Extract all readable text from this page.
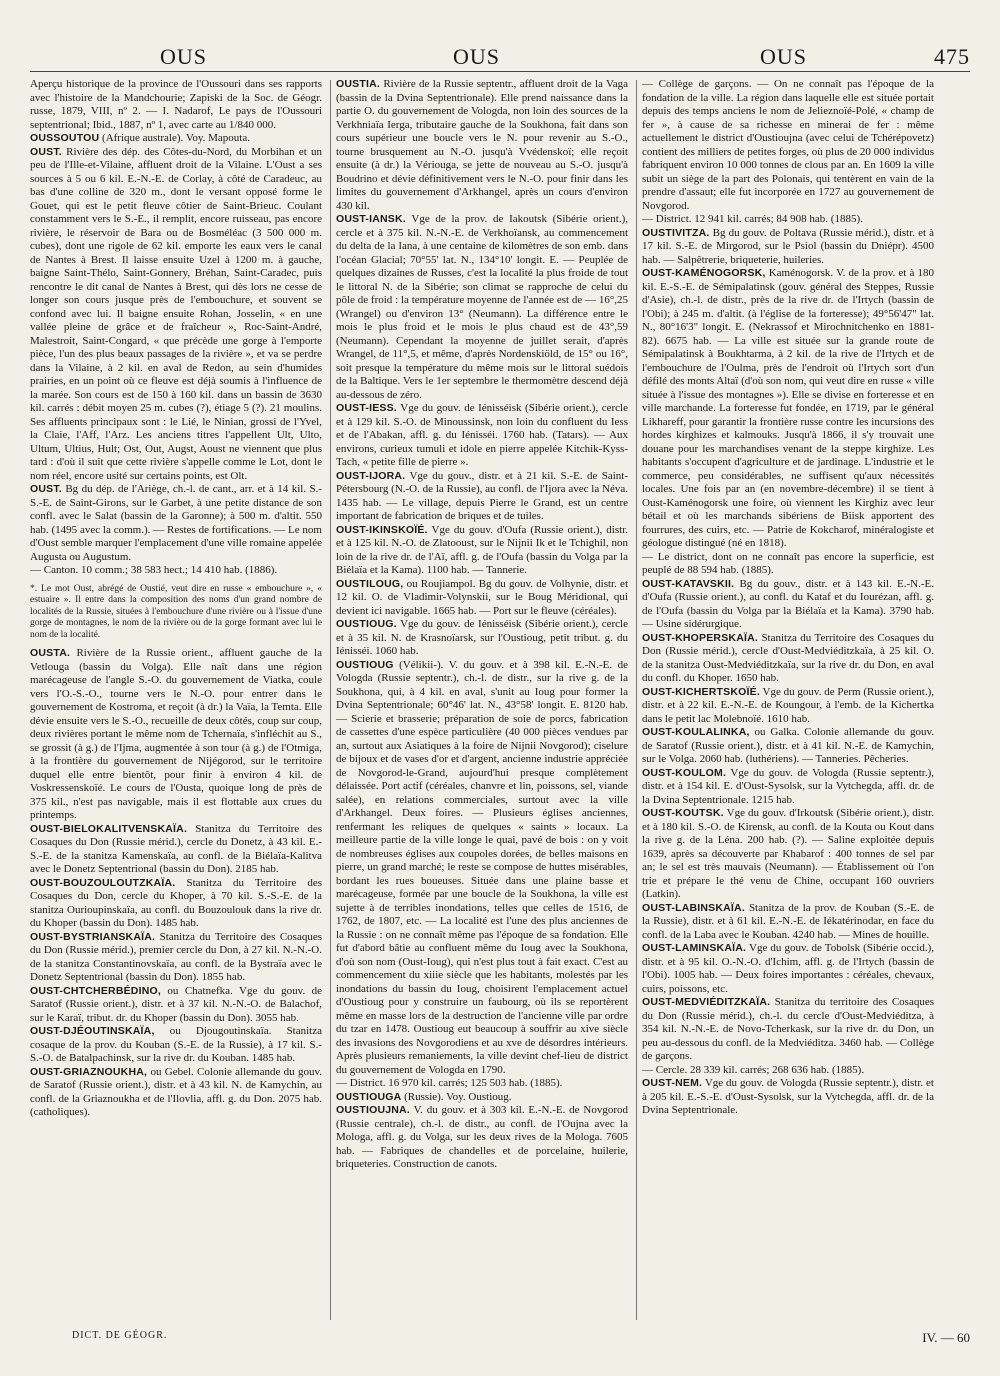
OUS	OUS	OUS	475

Aperçu historique de la province de l'Oussouri dans ses rapports avec l'histoire de la Mandchourie; Zapiski de la Soc. de Géogr. russe, 1879, VIII, nº 2. — I. Nadarof, Le pays de l'Oussouri septentrional; Ibid., 1887, nº 1, avec carte au 1/840 000.

OUSSOUTOU (Afrique australe). Voy. Mapouta.

OUST. Rivière des dép. des Côtes-du-Nord, du Morbihan et un peu de l'Ille-et-Vilaine, affluent droit de la Vilaine. L'Oust a ses sources à 5 ou 6 kil. E.-N.-E. de Corlay, à côté de Caradeuc, au bas d'une colline de 320 m., dont le versant opposé forme le Gouet, qui est le petit fleuve côtier de Saint-Brieuc. Coulant constamment vers le S.-E., il remplit, encore ruisseau, pas encore rivière, le réservoir de Bara ou de Bosméléac (3 500 000 m. cubes), dont une rigole de 62 kil. emporte les eaux vers le canal de Nantes à Brest. Il laisse ensuite Uzel à 1200 m. à gauche, baigne Saint-Thélo, Saint-Gonnery, Bréhan, Saint-Caradec, puis rencontre le dit canal de Nantes à Brest, qui dès lors ne cesse de longer son cours jusque près de l'embouchure, et souvent se confond avec lui. Il baigne ensuite Rohan, Josselin, « en une vallée pleine de grâce et de fraîcheur », Roc-Saint-André, Malestroit, Saint-Congard, « que précède une gorge à l'emporte pièce, l'un des plus beaux passages de la rivière », et va se perdre dans la Vilaine, à 2 kil. en aval de Redon, au sein d'humides prairies, en un point où ce fleuve est déjà soumis à l'influence de la marée. Son cours est de 150 à 160 kil. dans un bassin de 3630 kil. carrés : débit moyen 25 m. cubes (?), étiage 5 (?). 21 moulins. Ses affluents principaux sont : le Lié, le Ninian, grossi de l'Yvel, la Claie, l'Aff, l'Arz. Les anciens titres l'appellent Ult, Ulto, Ultum, Ultius, Hult; Ost, Out, Augst, Aoust ne viennent que plus tard : d'où il suit que cette rivière s'appelle comme le Lot, dont le nom réel, encore usité sur certains points, est Olt.

OUST. Bg du dép. de l'Ariège, ch.-l. de cant., arr. et à 14 kil. S.-S.-E. de Saint-Girons, sur le Garbet, à une petite distance de son confl. avec le Salat (bassin de la Garonne); à 500 m. d'altit. 550 hab. (1495 avec la comm.). — Restes de fortifications. — Le nom d'Oust semble marquer l'emplacement d'une ville romaine appelée Augusta ou Augustum.

— Canton. 10 comm.; 38 583 hect.; 14 410 hab. (1886).

*. Le mot Oust, abrégé de Oustié, veut dire en russe « embouchure », « estuaire ». Il entre dans la composition des noms d'un grand nombre de localités de la Russie, situées à l'embouchure d'une rivière ou à l'issue d'une gorge de montagnes, le nom de la rivière ou de la gorge formant avec lui le nom de la localité.

OUSTA. Rivière de la Russie orient., affluent gauche de la Vetlouga (bassin du Volga). Elle naît dans une région marécageuse de l'angle S.-O. du gouvernement de Viatka, coule vers l'O.-S.-O., tourne vers le N.-O. pour entrer dans le gouvernement de Kostroma, et reçoit (à dr.) la Vaïa, la Temta. Elle dévie ensuite vers le S.-O., recueille de deux côtés, coup sur coup, deux rivières portant le même nom de Tchernaïa, s'infléchit au S., se grossit (à g.) de l'Ijma, augmentée à son tour (à g.) de l'Otmiga, à la frontière du gouvernement de Nijégorod, sur le territoire duquel elle entre bientôt, pour finir à environ 4 kil. de Voskressenskoïé. Le cours de l'Ousta, quoique long de près de 375 kil., n'est pas navigable, mais il est flottable aux crues du printemps.

OUST-BIELOKALITVENSKAÏA. Stanitza du Territoire des Cosaques du Don (Russie mérid.), cercle du Donetz, à 43 kil. E.-S.-E. de la stanitza Kamenskaïa, au confl. de la Biélaïa-Kalitva avec le Donetz Septentrional (bassin du Don). 2185 hab.

OUST-BOUZOULOUTZKAÏA. Stanitza du Territoire des Cosaques du Don, cercle du Khoper, à 70 kil. S.-S.-E. de la stanitza Ourioupinskaïa, au confl. du Bouzoulouk dans la rive dr. du Khoper (bassin du Don). 1485 hab.

OUST-BYSTRIANSKAÏA. Stanitza du Territoire des Cosaques du Don (Russie mérid.), premier cercle du Don, à 27 kil. N.-N.-O. de la stanitza Constantinovskaïa, au confl. de la Bystraïa avec le Donetz Septentrional (bassin du Don). 1855 hab.

OUST-CHTCHERBÉDINO, ou Chatnefka. Vge du gouv. de Saratof (Russie orient.), distr. et à 37 kil. N.-N.-O. de Balachof, sur le Karaï, tribut. dr. du Khoper (bassin du Don). 3055 hab.

OUST-DJÉOUTINSKAÏA, ou Djougoutinskaïa. Stanitza cosaque de la prov. du Kouban (S.-E. de la Russie), à 17 kil. S.-S.-O. de Batalpachinsk, sur la rive dr. du Kouban. 1485 hab.

OUST-GRIAZNOUKHA, ou Gebel. Colonie allemande du gouv. de Saratof (Russie orient.), distr. et à 43 kil. N. de Kamychin, au confl. de la Griaznoukha et de l'Ilovlia, affl. g. du Don. 2075 hab. (catholiques).

OUSTIA. Rivière de la Russie septentr., affluent droit de la Vaga (bassin de la Dvina Septentrionale). Elle prend naissance dans la partie O. du gouvernement de Vologda, non loin des sources de la Verkhniaïa Ierga, tributaire gauche de la Soukhona, fait dans son cours supérieur une boucle vers le N. pour revenir au S.-O., tourne brusquement au N.-O. jusqu'à Vvédenskoï; elle reçoit ensuite (à dr.) la Vériouga, se jette de nouveau au S.-O. jusqu'à Boudrino et dévie définitivement vers le N.-O. pour finir dans les limites du gouvernement d'Arkhangel, après un cours d'environ 430 kil.

OUST-IANSK. Vge de la prov. de Iakoutsk (Sibérie orient.), cercle et à 375 kil. N.-N.-E. de Verkhoïansk, au commencement du delta de la Iana, à une centaine de kilomètres de son emb. dans l'océan Glacial; 70°55' lat. N., 134°10' longit. E. — Peuplée de quelques dizaines de Russes, c'est la localité la plus froide de tout le littoral N. de la Sibérie; son climat se rapproche de celui du pôle de froid : la température moyenne de l'année est de — 16°,25 (Wrangel) ou d'environ 13° (Neumann). La différence entre le mois le plus froid et le mois le plus chaud est de 43°,59 (Neumann). Cependant la moyenne de juillet serait, d'après Wrangel, de 11°,5, et même, d'après Nordenskiöld, de 15° ou 16°, soit presque la température du même mois sur le littoral suédois de la Baltique. Vers le 1er septembre le thermomètre descend déjà au-dessous de zéro.

OUST-IESS. Vge du gouv. de Iénisséisk (Sibérie orient.), cercle et à 129 kil. S.-O. de Minoussinsk, non loin du confluent du Iess et de l'Abakan, affl. g. du Iénisséi. 1760 hab. (Tatars). — Aux environs, curieux tumuli et idole en pierre appelée Kitchik-Kyss-Tach, « petite fille de pierre ».

OUST-IJORA. Vge du gouv., distr. et à 21 kil. S.-E. de Saint-Pétersbourg (N.-O. de la Russie), au confl. de l'Ijora avec la Néva. 1435 hab. — Le village, depuis Pierre le Grand, est un centre important de fabrication de briques et de tuiles.

OUST-IKINSKOÏÉ. Vge du gouv. d'Oufa (Russie orient.), distr. et à 125 kil. N.-O. de Zlatooust, sur le Nijnii Ik et le Tchighil, non loin de la rive dr. de l'Aï, affl. g. de l'Oufa (bassin du Volga par la Biélaïa et la Kama). 1100 hab. — Tannerie.

OUSTILOUG, ou Roujiampol. Bg du gouv. de Volhynie, distr. et 12 kil. O. de Vladimir-Volynskii, sur le Boug Méridional, qui devient ici navigable. 1665 hab. — Port sur le fleuve (céréales).

OUSTIOUG. Vge du gouv. de Iénisséisk (Sibérie orient.), cercle et à 35 kil. N. de Krasnoïarsk, sur l'Oustioug, petit tribut. g. du Iénisséi. 1060 hab.

OUSTIOUG (Vélikii-). V. du gouv. et à 398 kil. E.-N.-E. de Vologda (Russie septentr.), ch.-l. de distr., sur la rive g. de la Soukhona, qui, à 4 kil. en aval, s'unit au Ioug pour former la Dvina Septentrionale; 60°46' lat. N., 43°58' longit. E. 8120 hab. — Scierie et brasserie; préparation de soie de porcs, fabrication de cassettes d'une espèce particulière (40 000 pièces vendues par an, surtout aux Asiatiques à la foire de Nijnii Novgorod); ciselure de bijoux et de vases d'or et d'argent, ancienne industrie appréciée de Novgorod-le-Grand, aujourd'hui presque complètement délaissée. Port actif (céréales, chanvre et lin, poissons, sel, viande salée), en relations commerciales, surtout avec la ville d'Arkhangel. Deux foires. — Plusieurs églises anciennes, renfermant les reliques de quelques « saints » locaux. La meilleure partie de la ville longe le quai, pavé de bois : on y voit de nombreuses églises aux coupoles dorées, de belles maisons en pierre, un grand marché; le reste se compose de huttes misérables, bordant les rues boueuses. Située dans une plaine basse et marécageuse, formée par une boucle de la Soukhona, la ville est sujette à de terribles inondations, telles que celles de 1516, de 1762, de 1807, etc. — La localité est l'une des plus anciennes de la Russie : on ne connaît même pas l'époque de sa fondation. Elle fut d'abord bâtie au confluent même du Ioug avec la Soukhona, d'où son nom (Oust-Ioug), qui n'est plus tout à fait exact. C'est au commencement du xiiie siècle que les habitants, molestés par les inondations du bassin du Ioug, choisirent l'emplacement actuel d'Oustioug pour y construire un faubourg, où ils se reportèrent même en masse lors de la destruction de l'ancienne ville par ordre du tzar en 1478. Oustioug eut beaucoup à souffrir au xive siècle des invasions des Novgorodiens et au xve de désordres intérieurs. Après plusieurs remaniements, la ville devint chef-lieu de district du gouvernement de Vologda en 1790.

— District. 16 970 kil. carrés; 125 503 hab. (1885).

OUSTIOUGA (Russie). Voy. Oustioug.

OUSTIOUJNA. V. du gouv. et à 303 kil. E.-N.-E. de Novgorod (Russie centrale), ch.-l. de distr., au confl. de l'Oujna avec la Mologa, affl. g. du Volga, sur les deux rives de la Mologa. 7605 hab. — Fabriques de chandelles et de porcelaine, huilerie, briqueteries. Construction de canots.

— Collège de garçons. — On ne connaît pas l'époque de la fondation de la ville. La région dans laquelle elle est située portait depuis des temps anciens le nom de Jelieznoïé-Polé, « champ de fer », à cause de sa richesse en minerai de fer : même actuellement le district d'Oustioujna (avec celui de Tchérépovetz) contient des milliers de petites forges, où plus de 20 000 individus fabriquent environ 10 000 tonnes de clous par an. En 1609 la ville subit un siège de la part des Polonais, qui tentèrent en vain de la prendre d'assaut; elle fut incorporée en 1727 au gouvernement de Novgorod.

— District. 12 941 kil. carrés; 84 908 hab. (1885).

OUSTIVITZA. Bg du gouv. de Poltava (Russie mérid.), distr. et à 17 kil. S.-E. de Mirgorod, sur le Psiol (bassin du Dniépr). 4500 hab. — Salpêtrerie, briqueterie, huileries.

OUST-KAMÉNOGORSK, Kaménogorsk. V. de la prov. et à 180 kil. E.-S.-E. de Sémipalatinsk (gouv. général des Steppes, Russie d'Asie), ch.-l. de distr., près de la rive dr. de l'Irtych (bassin de l'Obi); à 245 m. d'altit. (à l'église de la forteresse); 49°56'47" lat. N., 80°16'3" longit. E. (Nekrassof et Mirochnitchenko en 1881-82). 6675 hab. — La ville est située sur la grande route de Sémipalatinsk à Boukhtarma, à 2 kil. de la rive de l'Irtych et de l'embouchure de l'Oulma, près de l'endroit où l'Irtych sort d'un défilé des monts Altaï (d'où son nom, qui veut dire en russe « ville située à l'issue des montagnes »). Elle se divise en forteresse et en ville marchande. La forteresse fut fondée, en 1719, par le général Likhareff, pour garantir la frontière russe contre les incursions des hordes kirghizes et kalmouks. Jusqu'à 1866, il s'y trouvait une douane pour les marchandises venant de la steppe kirghize. Les habitants s'occupent d'agriculture et de jardinage. L'industrie et le commerce, peu considérables, ne suffisent qu'aux nécessités locales. Une fois par an (en novembre-décembre) il se tient à Oust-Kaménogorsk une foire, où viennent les Kirghiz avec leur bétail et où les marchands sibériens de Biisk apportent des fourrures, des cuirs, etc. — Patrie de Kokcharof, minéralogiste et géologue distingué (né en 1818).

— Le district, dont on ne connaît pas encore la superficie, est peuplé de 88 594 hab. (1885).

OUST-KATAVSKII. Bg du gouv., distr. et à 143 kil. E.-N.-E. d'Oufa (Russie orient.), au confl. du Kataf et du Iourézan, affl. g. de l'Oufa (bassin du Volga par la Biélaïa et la Kama). 3790 hab. — Usine sidérurgique.

OUST-KHOPERSKAÏA. Stanitza du Territoire des Cosaques du Don (Russie mérid.), cercle d'Oust-Medviéditzkaïa, à 25 kil. O. de la stanitza Oust-Medviéditzkaïa, sur la rive dr. du Don, en aval du confl. du Khoper. 1650 hab.

OUST-KICHERTSKOÏÉ. Vge du gouv. de Perm (Russie orient.), distr. et à 22 kil. E.-N.-E. de Koungour, à l'emb. de la Kichertka dans le petit lac Molebnoïé. 1610 hab.

OUST-KOULALINKA, ou Galka. Colonie allemande du gouv. de Saratof (Russie orient.), distr. et à 41 kil. N.-E. de Kamychin, sur le Volga. 2060 hab. (luthériens). — Tanneries. Pêcheries.

OUST-KOULOM. Vge du gouv. de Vologda (Russie septentr.), distr. et à 154 kil. E. d'Oust-Sysolsk, sur la Vytchegda, affl. dr. de la Dvina Septentrionale. 1215 hab.

OUST-KOUTSK. Vge du gouv. d'Irkoutsk (Sibérie orient.), distr. et à 180 kil. S.-O. de Kirensk, au confl. de la Kouta ou Kout dans la rive g. de la Léna. 200 hab. (?). — Saline exploitée depuis 1639, après sa découverte par Khabarof : 400 tonnes de sel par an; le sel est très mauvais (Neumann). — Établissement où l'on trie et prépare le thé venu de Chine, occupant 160 ouvriers (Latkin).

OUST-LABINSKAÏA. Stanitza de la prov. de Kouban (S.-E. de la Russie), distr. et à 61 kil. E.-N.-E. de Iékatérinodar, en face du confl. de la Laba avec le Kouban. 4240 hab. — Mines de houille.

OUST-LAMINSKAÏA. Vge du gouv. de Tobolsk (Sibérie occid.), distr. et à 95 kil. O.-N.-O. d'Ichim, affl. g. de l'Irtych (bassin de l'Obi). 1005 hab. — Deux foires importantes : céréales, chevaux, cuirs, poissons, etc.

OUST-MEDVIÉDITZKAÏA. Stanitza du territoire des Cosaques du Don (Russie mérid.), ch.-l. du cercle d'Oust-Medviéditza, à 354 kil. N.-N.-E. de Novo-Tcherkask, sur la rive dr. du Don, un peu au-dessous du confl. de la Medviéditza. 3460 hab. — Collège de garçons.

— Cercle. 28 339 kil. carrés; 268 636 hab. (1885).

OUST-NEM. Vge du gouv. de Vologda (Russie septentr.), distr. et à 205 kil. E.-S.-E. d'Oust-Sysolsk, sur la Vytchegda, affl. dr. de la Dvina Septentrionale.

DICT. DE GÉOGR.	IV. — 60
